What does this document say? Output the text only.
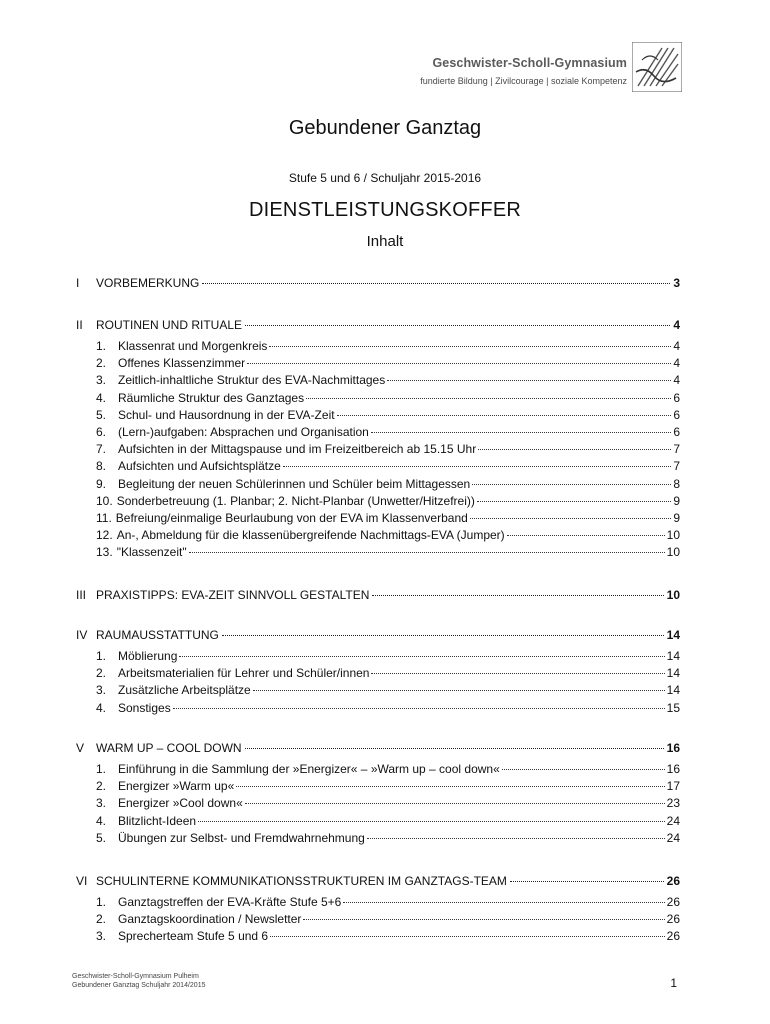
Geschwister-Scholl-Gymnasium
fundierte Bildung | Zivilcourage | soziale Kompetenz
Gebundener Ganztag
Stufe 5 und 6 / Schuljahr 2015-2016
DIENSTLEISTUNGSKOFFER
Inhalt
I	VORBEMERKUNG	3
II	ROUTINEN UND RITUALE	4
1. Klassenrat und Morgenkreis	4
2. Offenes Klassenzimmer	4
3. Zeitlich-inhaltliche Struktur des EVA-Nachmittages	4
4. Räumliche Struktur des Ganztages	6
5. Schul- und Hausordnung in der EVA-Zeit	6
6. (Lern-)aufgaben: Absprachen und Organisation	6
7. Aufsichten in der Mittagspause und im Freizeitbereich ab 15.15 Uhr	7
8. Aufsichten und Aufsichtsplätze	7
9. Begleitung der neuen Schülerinnen und Schüler beim Mittagessen	8
10. Sonderbetreuung (1. Planbar; 2. Nicht-Planbar (Unwetter/Hitzefrei))	9
11. Befreiung/einmalige Beurlaubung von der EVA im Klassenverband	9
12. An-, Abmeldung für die klassenübergreifende Nachmittags-EVA (Jumper)	10
13. "Klassenzeit"	10
III PRAXISTIPPS: EVA-ZEIT SINNVOLL GESTALTEN	10
IV RAUMAUSSTATTUNG	14
1. Möblierung	14
2. Arbeitsmaterialien für Lehrer und Schüler/innen	14
3. Zusätzliche Arbeitsplätze	14
4. Sonstiges	15
V WARM UP – COOL DOWN	16
1. Einführung in die Sammlung der »Energizer« – »Warm up – cool down«	16
2. Energizer »Warm up«	17
3. Energizer »Cool down«	23
4. Blitzlicht-Ideen	24
5. Übungen zur Selbst- und Fremdwahrnehmung	24
VI SCHULINTERNE KOMMUNIKATIONSSTRUKTUREN IM GANZTAGS-TEAM	26
1. Ganztagstreffen der EVA-Kräfte Stufe 5+6	26
2. Ganztagskoordination / Newsletter	26
3. Sprecherteam Stufe 5 und 6	26
Geschwister-Scholl-Gymnasium Pulheim
Gebundener Ganztag Schuljahr 2014/2015	1
